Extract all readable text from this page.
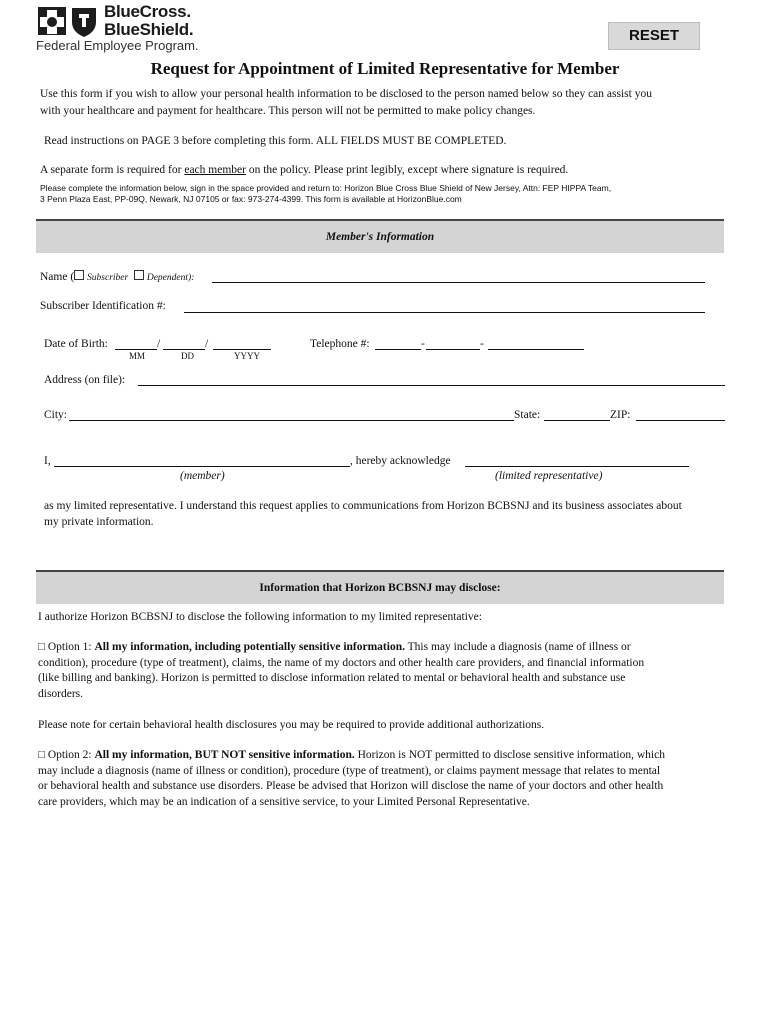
BlueCross.
BlueShield.
Federal Employee Program.
RESET
Request for Appointment of Limited Representative for Member
Use this form if you wish to allow your personal health information to be disclosed to the person named below so they can assist you
with your healthcare and payment for healthcare. This person will not be permitted to make policy changes.
Read instructions on PAGE 3 before completing this form. ALL FIELDS MUST BE COMPLETED.
A separate form is required for each member on the policy. Please print legibly, except where signature is required.
Please complete the information below, sign in the space provided and return to: Horizon Blue Cross Blue Shield of New Jersey, Attn: FEP HIPPA Team,
3 Penn Plaza East, PP-09Q, Newark, NJ 07105 or fax: 973-274-4399. This form is available at HorizonBlue.com
Member's Information
Name ( Subscriber Dependent):
Subscriber Identification #:
Date of Birth:	/	/
MM	DD	YYYY
Telephone #:	-	-
Address (on file):
City:	State:	ZIP:
I,	, hereby acknowledge
(member)	(limited representative)
as my limited representative. I understand this request applies to communications from Horizon BCBSNJ and its business associates about
my private information.
Information that Horizon BCBSNJ may disclose:
I authorize Horizon BCBSNJ to disclose the following information to my limited representative:
□ Option 1: All my information, including potentially sensitive information. This may include a diagnosis (name of illness or
condition), procedure (type of treatment), claims, the name of my doctors and other health care providers, and financial information
(like billing and banking). Horizon is permitted to disclose information related to mental or behavioral health and substance use
disorders.
Please note for certain behavioral health disclosures you may be required to provide additional authorizations.
□ Option 2: All my information, BUT NOT sensitive information. Horizon is NOT permitted to disclose sensitive information, which
may include a diagnosis (name of illness or condition), procedure (type of treatment), or claims payment message that relates to mental
or behavioral health and substance use disorders. Please be advised that Horizon will disclose the name of your doctors and other health
care providers, which may be an indication of a sensitive service, to your Limited Personal Representative.
